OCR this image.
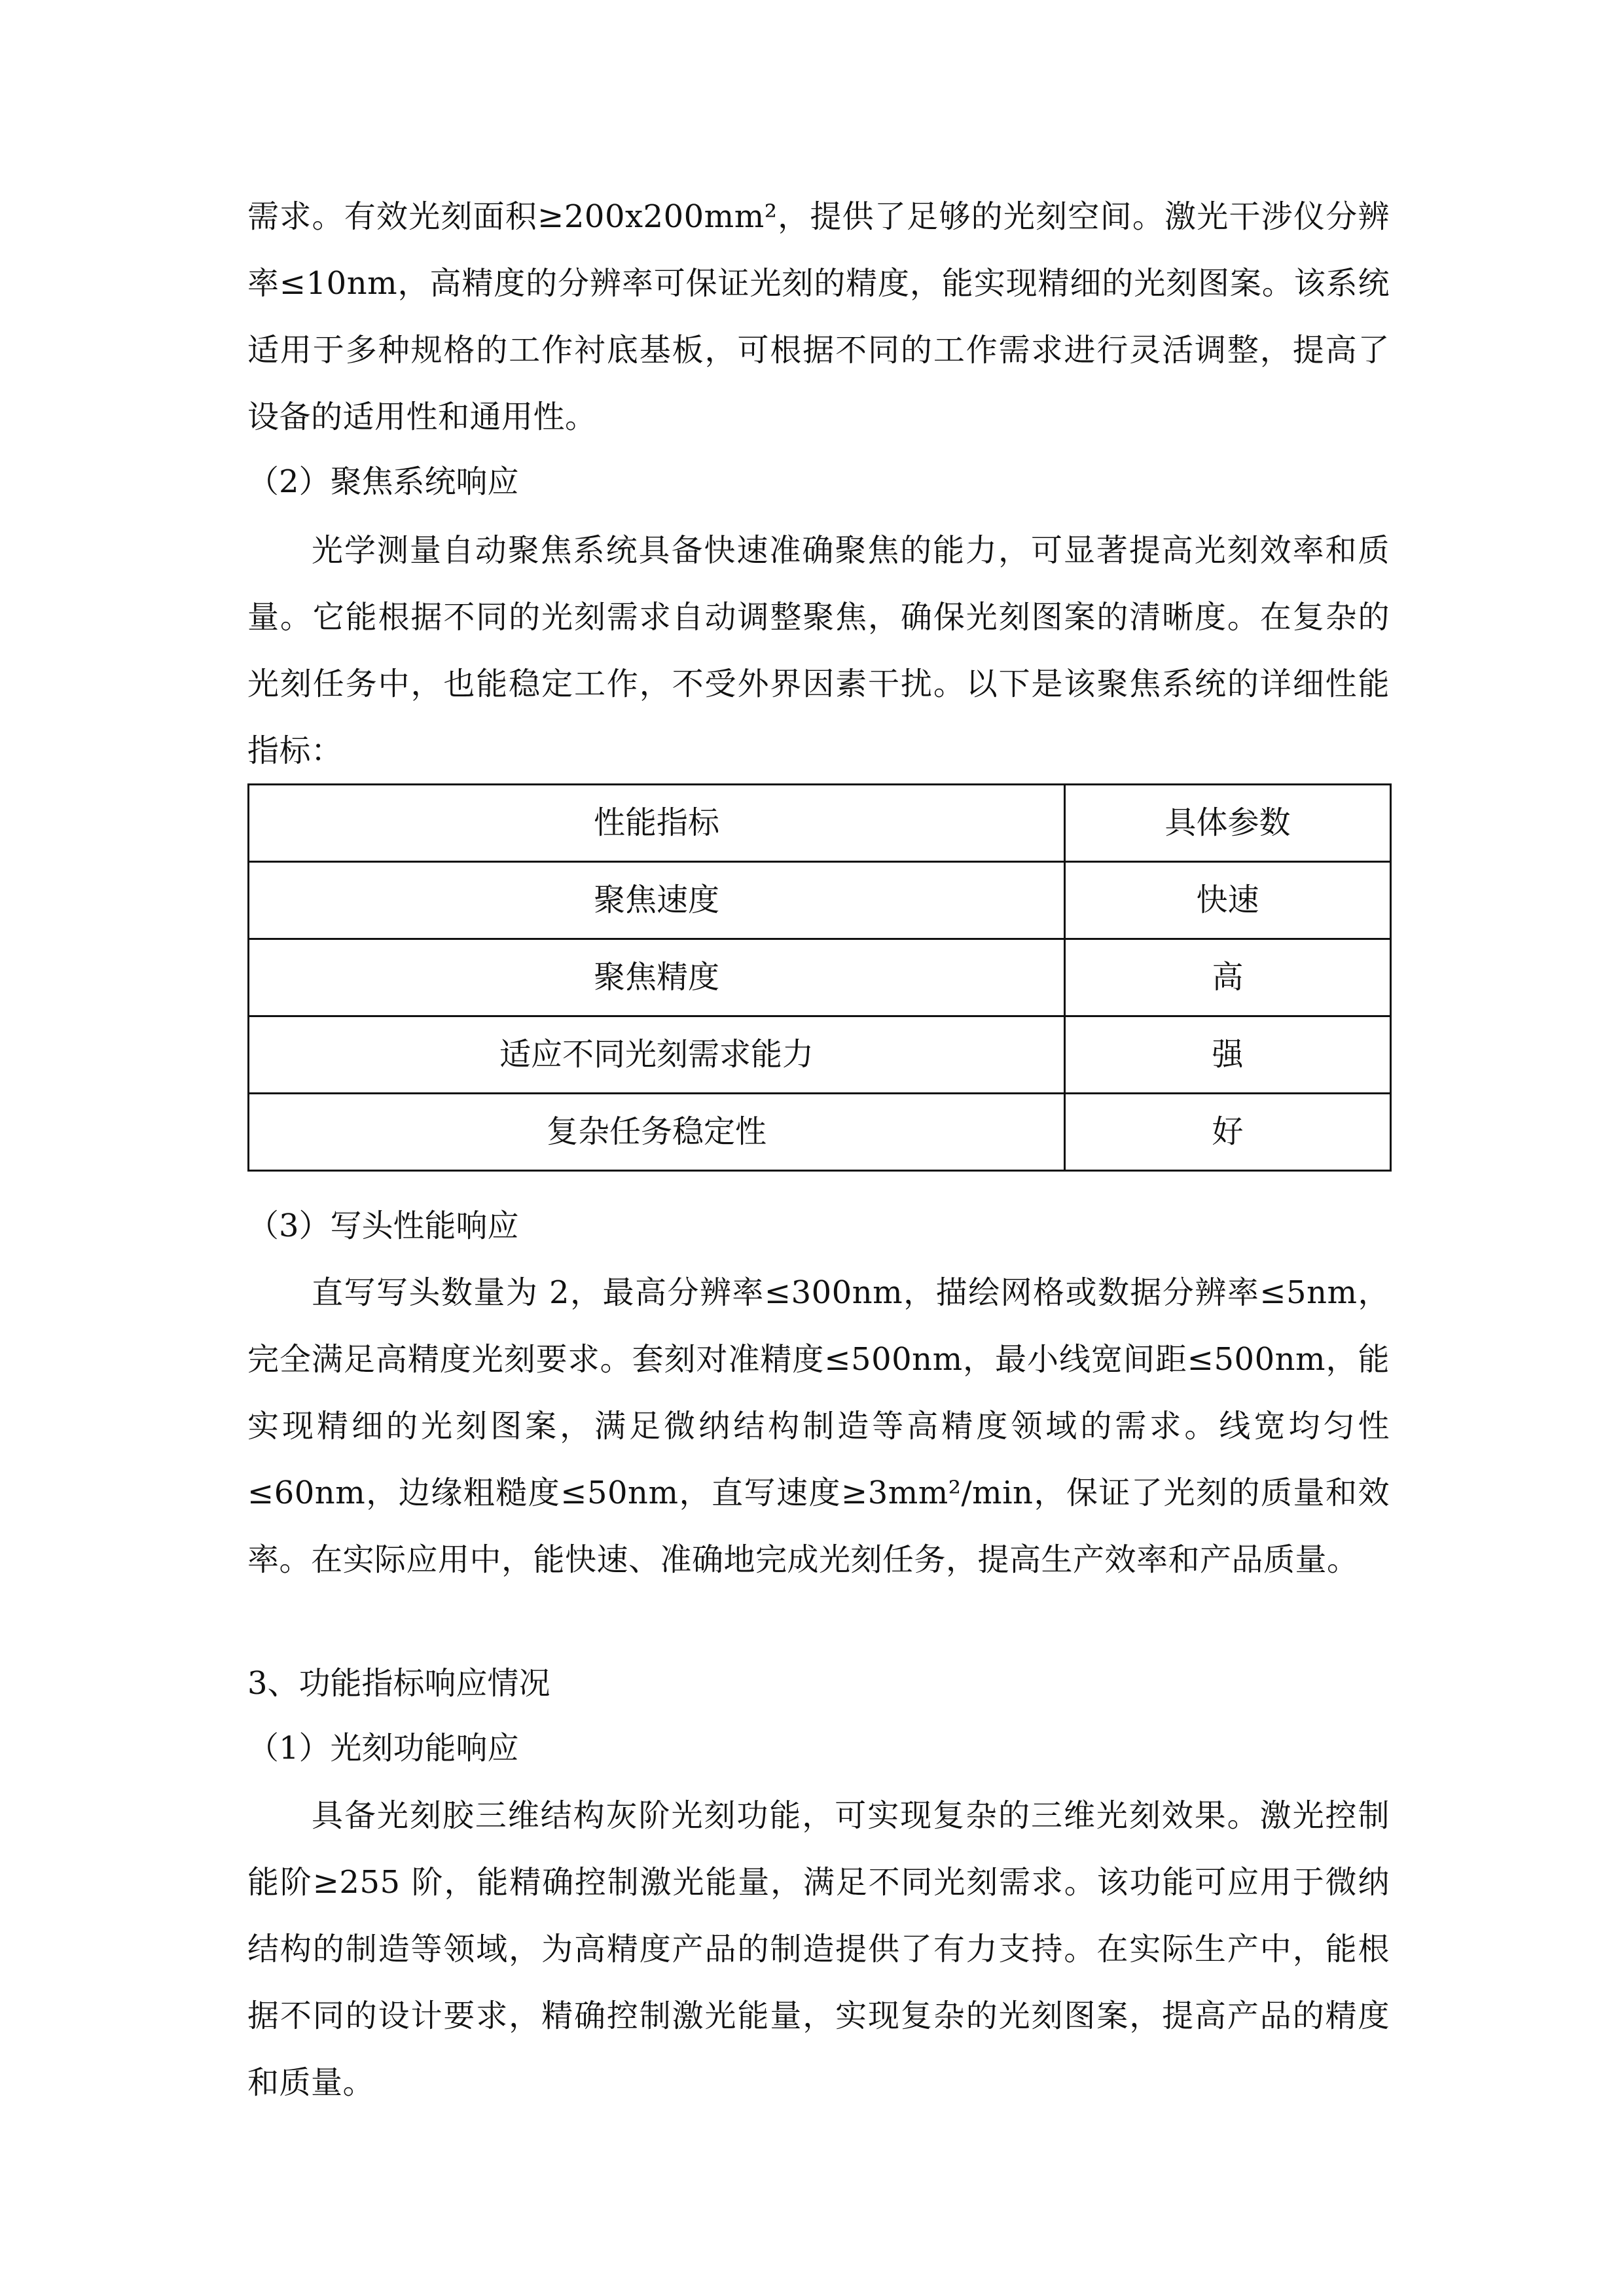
需求。有效光刻面积≥200x200mm²，提供了足够的光刻空间。激光干涉仪分辨率≤10nm，高精度的分辨率可保证光刻的精度，能实现精细的光刻图案。该系统适用于多种规格的工作衬底基板，可根据不同的工作需求进行灵活调整，提高了设备的适用性和通用性。

（2）聚焦系统响应

光学测量自动聚焦系统具备快速准确聚焦的能力，可显著提高光刻效率和质量。它能根据不同的光刻需求自动调整聚焦，确保光刻图案的清晰度。在复杂的光刻任务中，也能稳定工作，不受外界因素干扰。以下是该聚焦系统的详细性能指标：

性能指标	具体参数
聚焦速度	快速
聚焦精度	高
适应不同光刻需求能力	强
复杂任务稳定性	好

（3）写头性能响应

直写写头数量为 2，最高分辨率≤300nm，描绘网格或数据分辨率≤5nm，完全满足高精度光刻要求。套刻对准精度≤500nm，最小线宽间距≤500nm，能实现精细的光刻图案，满足微纳结构制造等高精度领域的需求。线宽均匀性≤60nm，边缘粗糙度≤50nm，直写速度≥3mm²/min，保证了光刻的质量和效率。在实际应用中，能快速、准确地完成光刻任务，提高生产效率和产品质量。

3、功能指标响应情况

（1）光刻功能响应

具备光刻胶三维结构灰阶光刻功能，可实现复杂的三维光刻效果。激光控制能阶≥255 阶，能精确控制激光能量，满足不同光刻需求。该功能可应用于微纳结构的制造等领域，为高精度产品的制造提供了有力支持。在实际生产中，能根据不同的设计要求，精确控制激光能量，实现复杂的光刻图案，提高产品的精度和质量。
